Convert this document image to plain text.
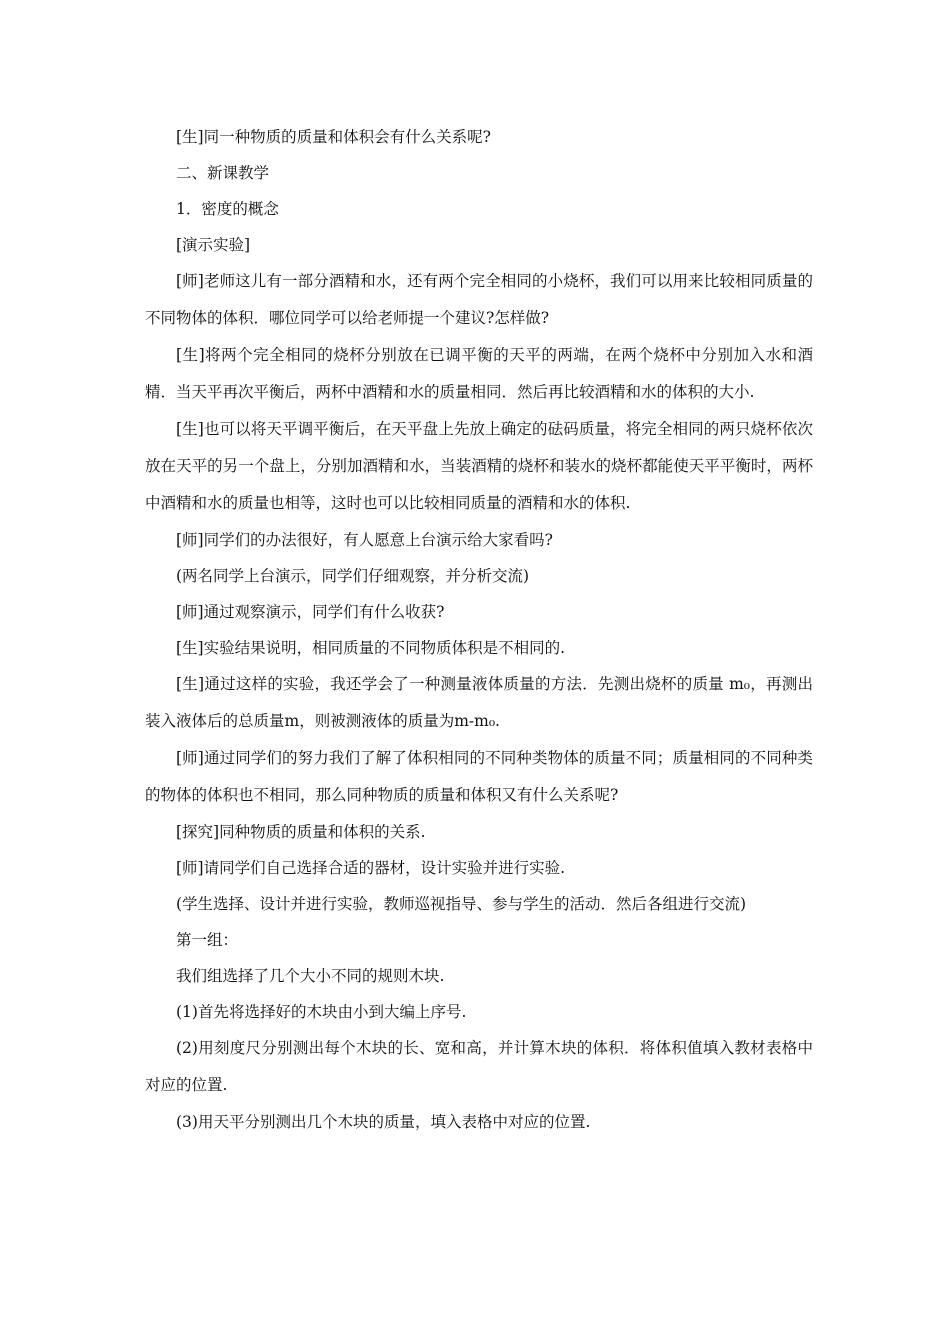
[生]同一种物质的质量和体积会有什么关系呢?

二、新课教学

1．密度的概念

[演示实验]

[师]老师这儿有一部分酒精和水，还有两个完全相同的小烧杯，我们可以用来比较相同质量的不同物体的体积．哪位同学可以给老师提一个建议?怎样做?

[生]将两个完全相同的烧杯分别放在已调平衡的天平的两端，在两个烧杯中分别加入水和酒精．当天平再次平衡后，两杯中酒精和水的质量相同．然后再比较酒精和水的体积的大小.

[生]也可以将天平调平衡后，在天平盘上先放上确定的砝码质量，将完全相同的两只烧杯依次放在天平的另一个盘上，分别加酒精和水，当装酒精的烧杯和装水的烧杯都能使天平平衡时，两杯中酒精和水的质量也相等，这时也可以比较相同质量的酒精和水的体积.

[师]同学们的办法很好，有人愿意上台演示给大家看吗?

(两名同学上台演示，同学们仔细观察，并分析交流)

[师]通过观察演示，同学们有什么收获?

[生]实验结果说明，相同质量的不同物质体积是不相同的.

[生]通过这样的实验，我还学会了一种测量液体质量的方法．先测出烧杯的质量 m₀，再测出装入液体后的总质量m，则被测液体的质量为m-m₀.

[师]通过同学们的努力我们了解了体积相同的不同种类物体的质量不同；质量相同的不同种类的物体的体积也不相同，那么同种物质的质量和体积又有什么关系呢?

[探究]同种物质的质量和体积的关系.

[师]请同学们自己选择合适的器材，设计实验并进行实验.

(学生选择、设计并进行实验，教师巡视指导、参与学生的活动．然后各组进行交流)

第一组：

我们组选择了几个大小不同的规则木块.

(1)首先将选择好的木块由小到大编上序号.

(2)用刻度尺分别测出每个木块的长、宽和高，并计算木块的体积．将体积值填入教材表格中对应的位置.

(3)用天平分别测出几个木块的质量，填入表格中对应的位置.
